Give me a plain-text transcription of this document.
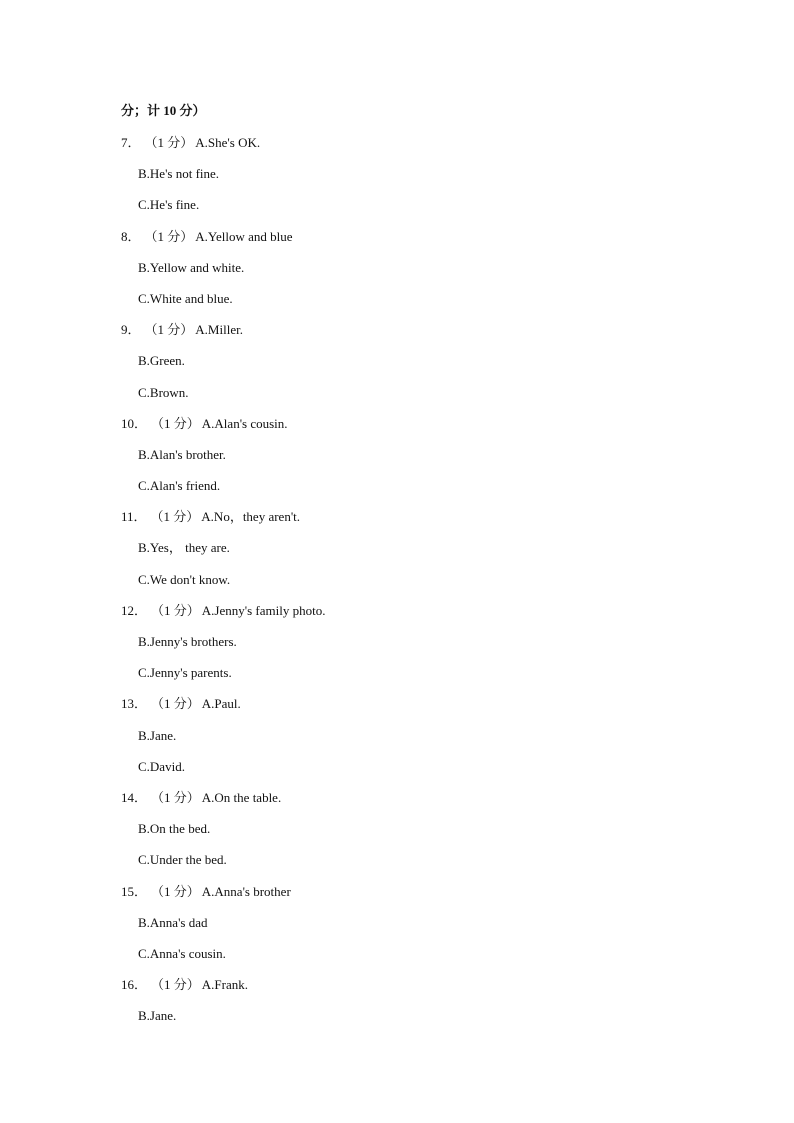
分；计 10 分）
7． （1 分） A.She's OK.
B.He's not fine.
C.He's fine.
8． （1 分） A.Yellow and blue
B.Yellow and white.
C.White and blue.
9． （1 分） A.Miller.
B.Green.
C.Brown.
10． （1 分） A.Alan's cousin.
B.Alan's brother.
C.Alan's friend.
11． （1 分） A.No，they aren't.
B.Yes， they are.
C.We don't know.
12． （1 分） A.Jenny's family photo.
B.Jenny's brothers.
C.Jenny's parents.
13． （1 分） A.Paul.
B.Jane.
C.David.
14． （1 分） A.On the table.
B.On the bed.
C.Under the bed.
15． （1 分） A.Anna's brother
B.Anna's dad
C.Anna's cousin.
16． （1 分） A.Frank.
B.Jane.
